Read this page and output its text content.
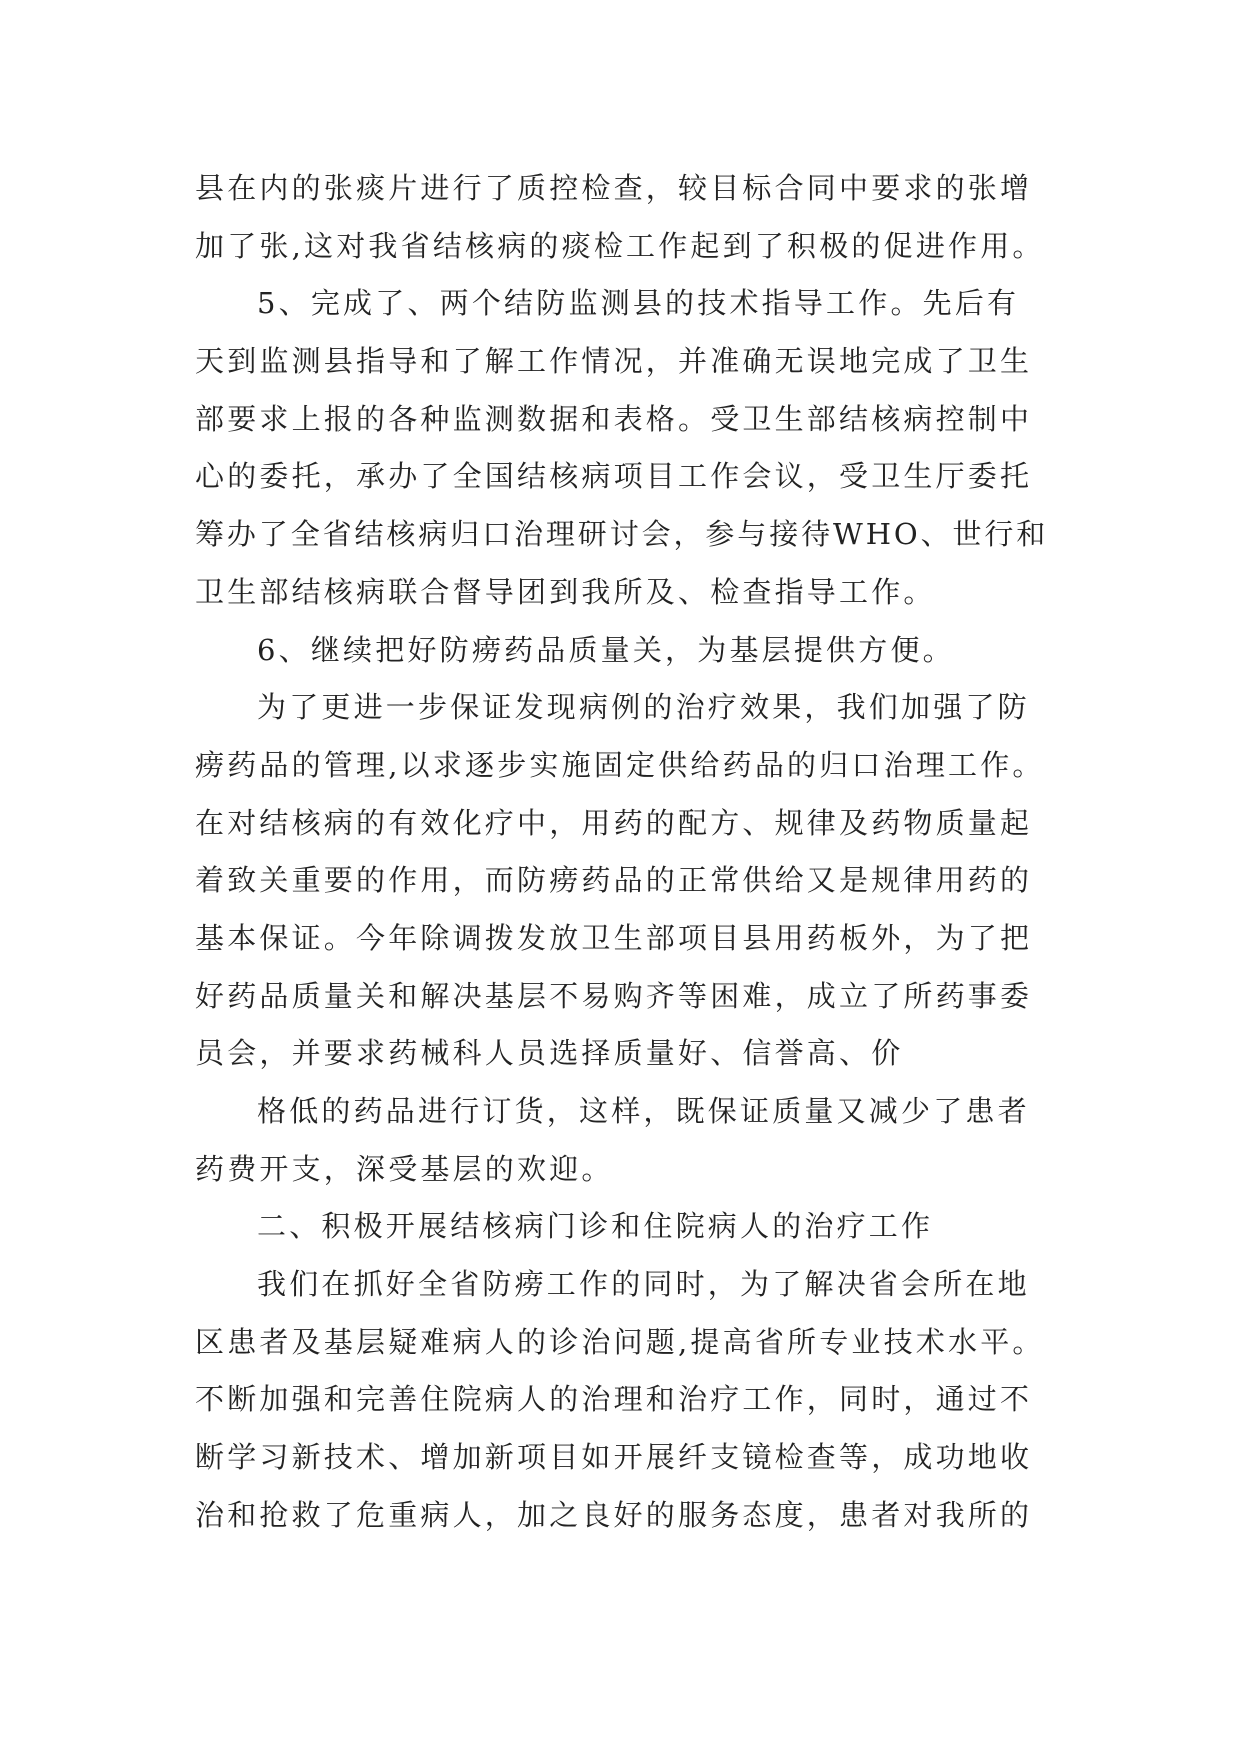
县在内的张痰片进行了质控检查，较目标合同中要求的张增
加了张,这对我省结核病的痰检工作起到了积极的促进作用。
5、完成了、两个结防监测县的技术指导工作。先后有
天到监测县指导和了解工作情况，并准确无误地完成了卫生
部要求上报的各种监测数据和表格。受卫生部结核病控制中
心的委托，承办了全国结核病项目工作会议，受卫生厅委托
筹办了全省结核病归口治理研讨会，参与接待WHO、世行和
卫生部结核病联合督导团到我所及、检查指导工作。
6、继续把好防痨药品质量关，为基层提供方便。
为了更进一步保证发现病例的治疗效果，我们加强了防
痨药品的管理,以求逐步实施固定供给药品的归口治理工作。
在对结核病的有效化疗中，用药的配方、规律及药物质量起
着致关重要的作用，而防痨药品的正常供给又是规律用药的
基本保证。今年除调拨发放卫生部项目县用药板外，为了把
好药品质量关和解决基层不易购齐等困难，成立了所药事委
员会，并要求药械科人员选择质量好、信誉高、价
格低的药品进行订货，这样，既保证质量又减少了患者
药费开支，深受基层的欢迎。
二、积极开展结核病门诊和住院病人的治疗工作
我们在抓好全省防痨工作的同时，为了解决省会所在地
区患者及基层疑难病人的诊治问题,提高省所专业技术水平。
不断加强和完善住院病人的治理和治疗工作，同时，通过不
断学习新技术、增加新项目如开展纤支镜检查等，成功地收
治和抢救了危重病人，加之良好的服务态度，患者对我所的
